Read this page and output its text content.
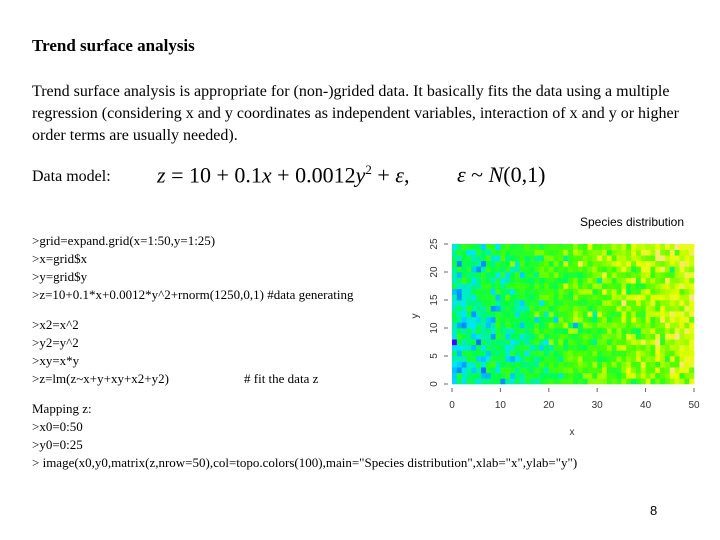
Trend surface analysis
Trend surface analysis is appropriate for (non-)grided data. It basically fits the data using a multiple regression (considering x and y coordinates as independent variables, interaction of x and y or higher order terms are usually needed).
Data model: $z = 10 + 0.1x + 0.0012y^2 + \varepsilon$, ε ~ N(0,1)
>grid=expand.grid(x=1:50,y=1:25)
>x=grid$x
>y=grid$y
>z=10+0.1*x+0.0012*y^2+rnorm(1250,0,1) #data generating
>x2=x^2
>y2=y^2
>xy=x*y
>z=lm(z~x+y+xy+x2+y2)	# fit the data z
Mapping z:
>x0=0:50
>y0=0:25
> image(x0,y0,matrix(z,nrow=50),col=topo.colors(100),main="Species distribution",xlab="x",ylab="y")
Species distribution
0	10	20	30	40	50
0
5
10
15
20
25
x
y
8
